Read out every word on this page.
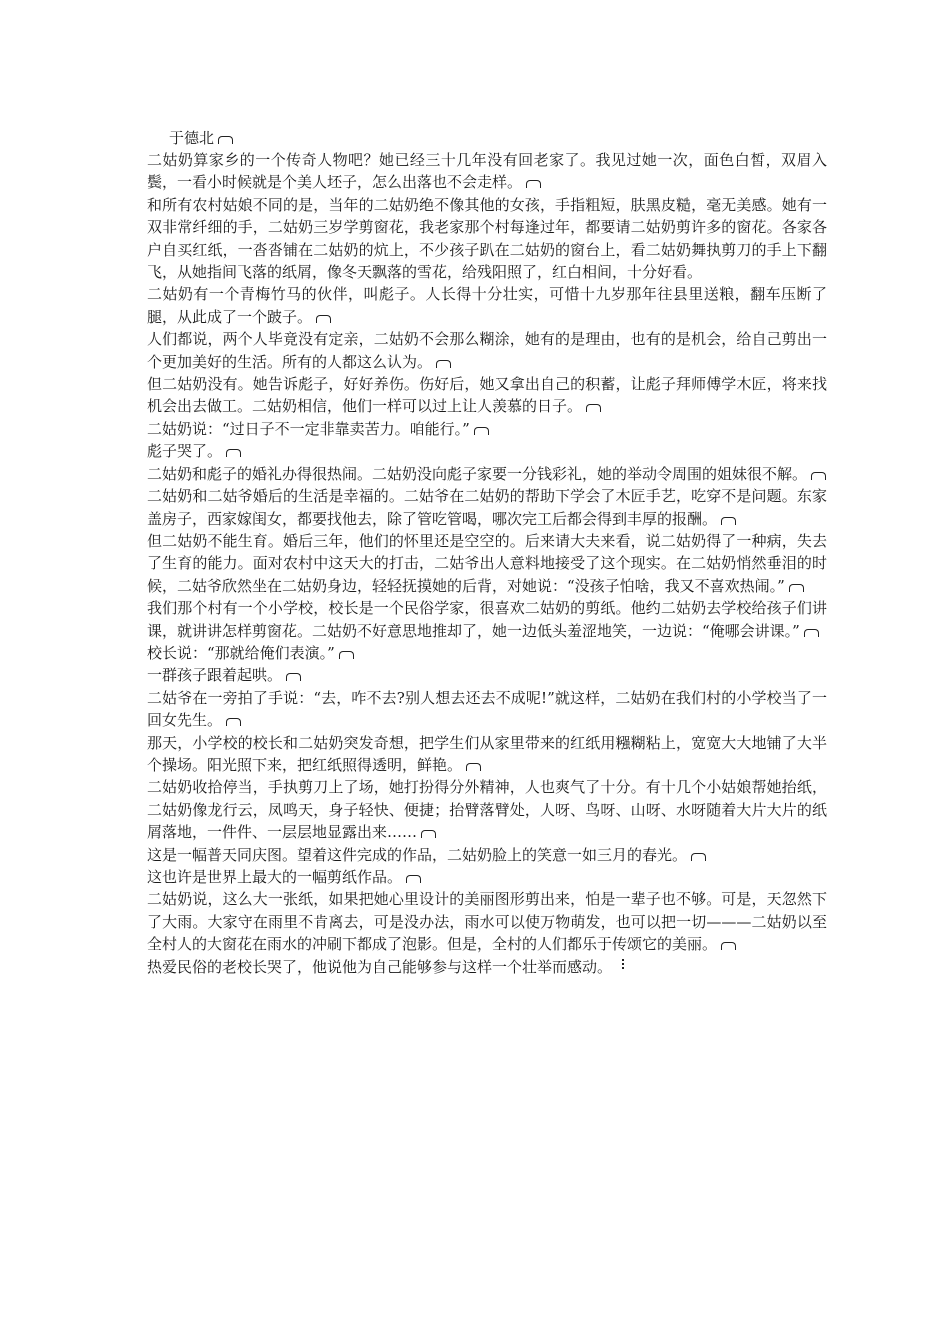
于德北

二姑奶算家乡的一个传奇人物吧？她已经三十几年没有回老家了。我见过她一次，面色白皙，双眉入鬓，一看小时候就是个美人坯子，怎么出落也不会走样。

和所有农村姑娘不同的是，当年的二姑奶绝不像其他的女孩，手指粗短，肤黑皮糙，毫无美感。她有一双非常纤细的手，二姑奶三岁学剪窗花，我老家那个村每逢过年，都要请二姑奶剪许多的窗花。各家各户自买红纸，一沓沓铺在二姑奶的炕上，不少孩子趴在二姑奶的窗台上，看二姑奶舞执剪刀的手上下翻飞，从她指间飞落的纸屑，像冬天飘落的雪花，给残阳照了，红白相间，十分好看。

二姑奶有一个青梅竹马的伙伴，叫彪子。人长得十分壮实，可惜十九岁那年往县里送粮，翻车压断了腿，从此成了一个跛子。

人们都说，两个人毕竟没有定亲，二姑奶不会那么糊涂，她有的是理由，也有的是机会，给自己剪出一个更加美好的生活。所有的人都这么认为。

但二姑奶没有。她告诉彪子，好好养伤。伤好后，她又拿出自己的积蓄，让彪子拜师傅学木匠，将来找机会出去做工。二姑奶相信，他们一样可以过上让人羡慕的日子。

二姑奶说：“过日子不一定非靠卖苦力。咱能行。”

彪子哭了。

二姑奶和彪子的婚礼办得很热闹。二姑奶没向彪子家要一分钱彩礼，她的举动令周围的姐妹很不解。

二姑奶和二姑爷婚后的生活是幸福的。二姑爷在二姑奶的帮助下学会了木匠手艺，吃穿不是问题。东家盖房子，西家嫁闺女，都要找他去，除了管吃管喝，哪次完工后都会得到丰厚的报酬。

但二姑奶不能生育。婚后三年，他们的怀里还是空空的。后来请大夫来看，说二姑奶得了一种病，失去了生育的能力。面对农村中这天大的打击，二姑爷出人意料地接受了这个现实。在二姑奶悄然垂泪的时候，二姑爷欣然坐在二姑奶身边，轻轻抚摸她的后背，对她说：“没孩子怕啥，我又不喜欢热闹。”

我们那个村有一个小学校，校长是一个民俗学家，很喜欢二姑奶的剪纸。他约二姑奶去学校给孩子们讲课，就讲讲怎样剪窗花。二姑奶不好意思地推却了，她一边低头羞涩地笑，一边说：“俺哪会讲课。”

校长说：“那就给俺们表演。”

一群孩子跟着起哄。

二姑爷在一旁拍了手说：“去，咋不去?别人想去还去不成呢!”就这样，二姑奶在我们村的小学校当了一回女先生。

那天，小学校的校长和二姑奶突发奇想，把学生们从家里带来的红纸用糨糊粘上，宽宽大大地铺了大半个操场。阳光照下来，把红纸照得透明，鲜艳。

二姑奶收拾停当，手执剪刀上了场，她打扮得分外精神，人也爽气了十分。有十几个小姑娘帮她抬纸，二姑奶像龙行云，凤鸣天，身子轻快、便捷；抬臂落臂处，人呀、鸟呀、山呀、水呀随着大片大片的纸屑落地，一件件、一层层地显露出来……

这是一幅普天同庆图。望着这件完成的作品，二姑奶脸上的笑意一如三月的春光。

这也许是世界上最大的一幅剪纸作品。

二姑奶说，这么大一张纸，如果把她心里设计的美丽图形剪出来，怕是一辈子也不够。可是，天忽然下了大雨。大家守在雨里不肯离去，可是没办法，雨水可以使万物萌发，也可以把一切———二姑奶以至全村人的大窗花在雨水的冲刷下都成了泡影。但是，全村的人们都乐于传颂它的美丽。

热爱民俗的老校长哭了，他说他为自己能够参与这样一个壮举而感动。
